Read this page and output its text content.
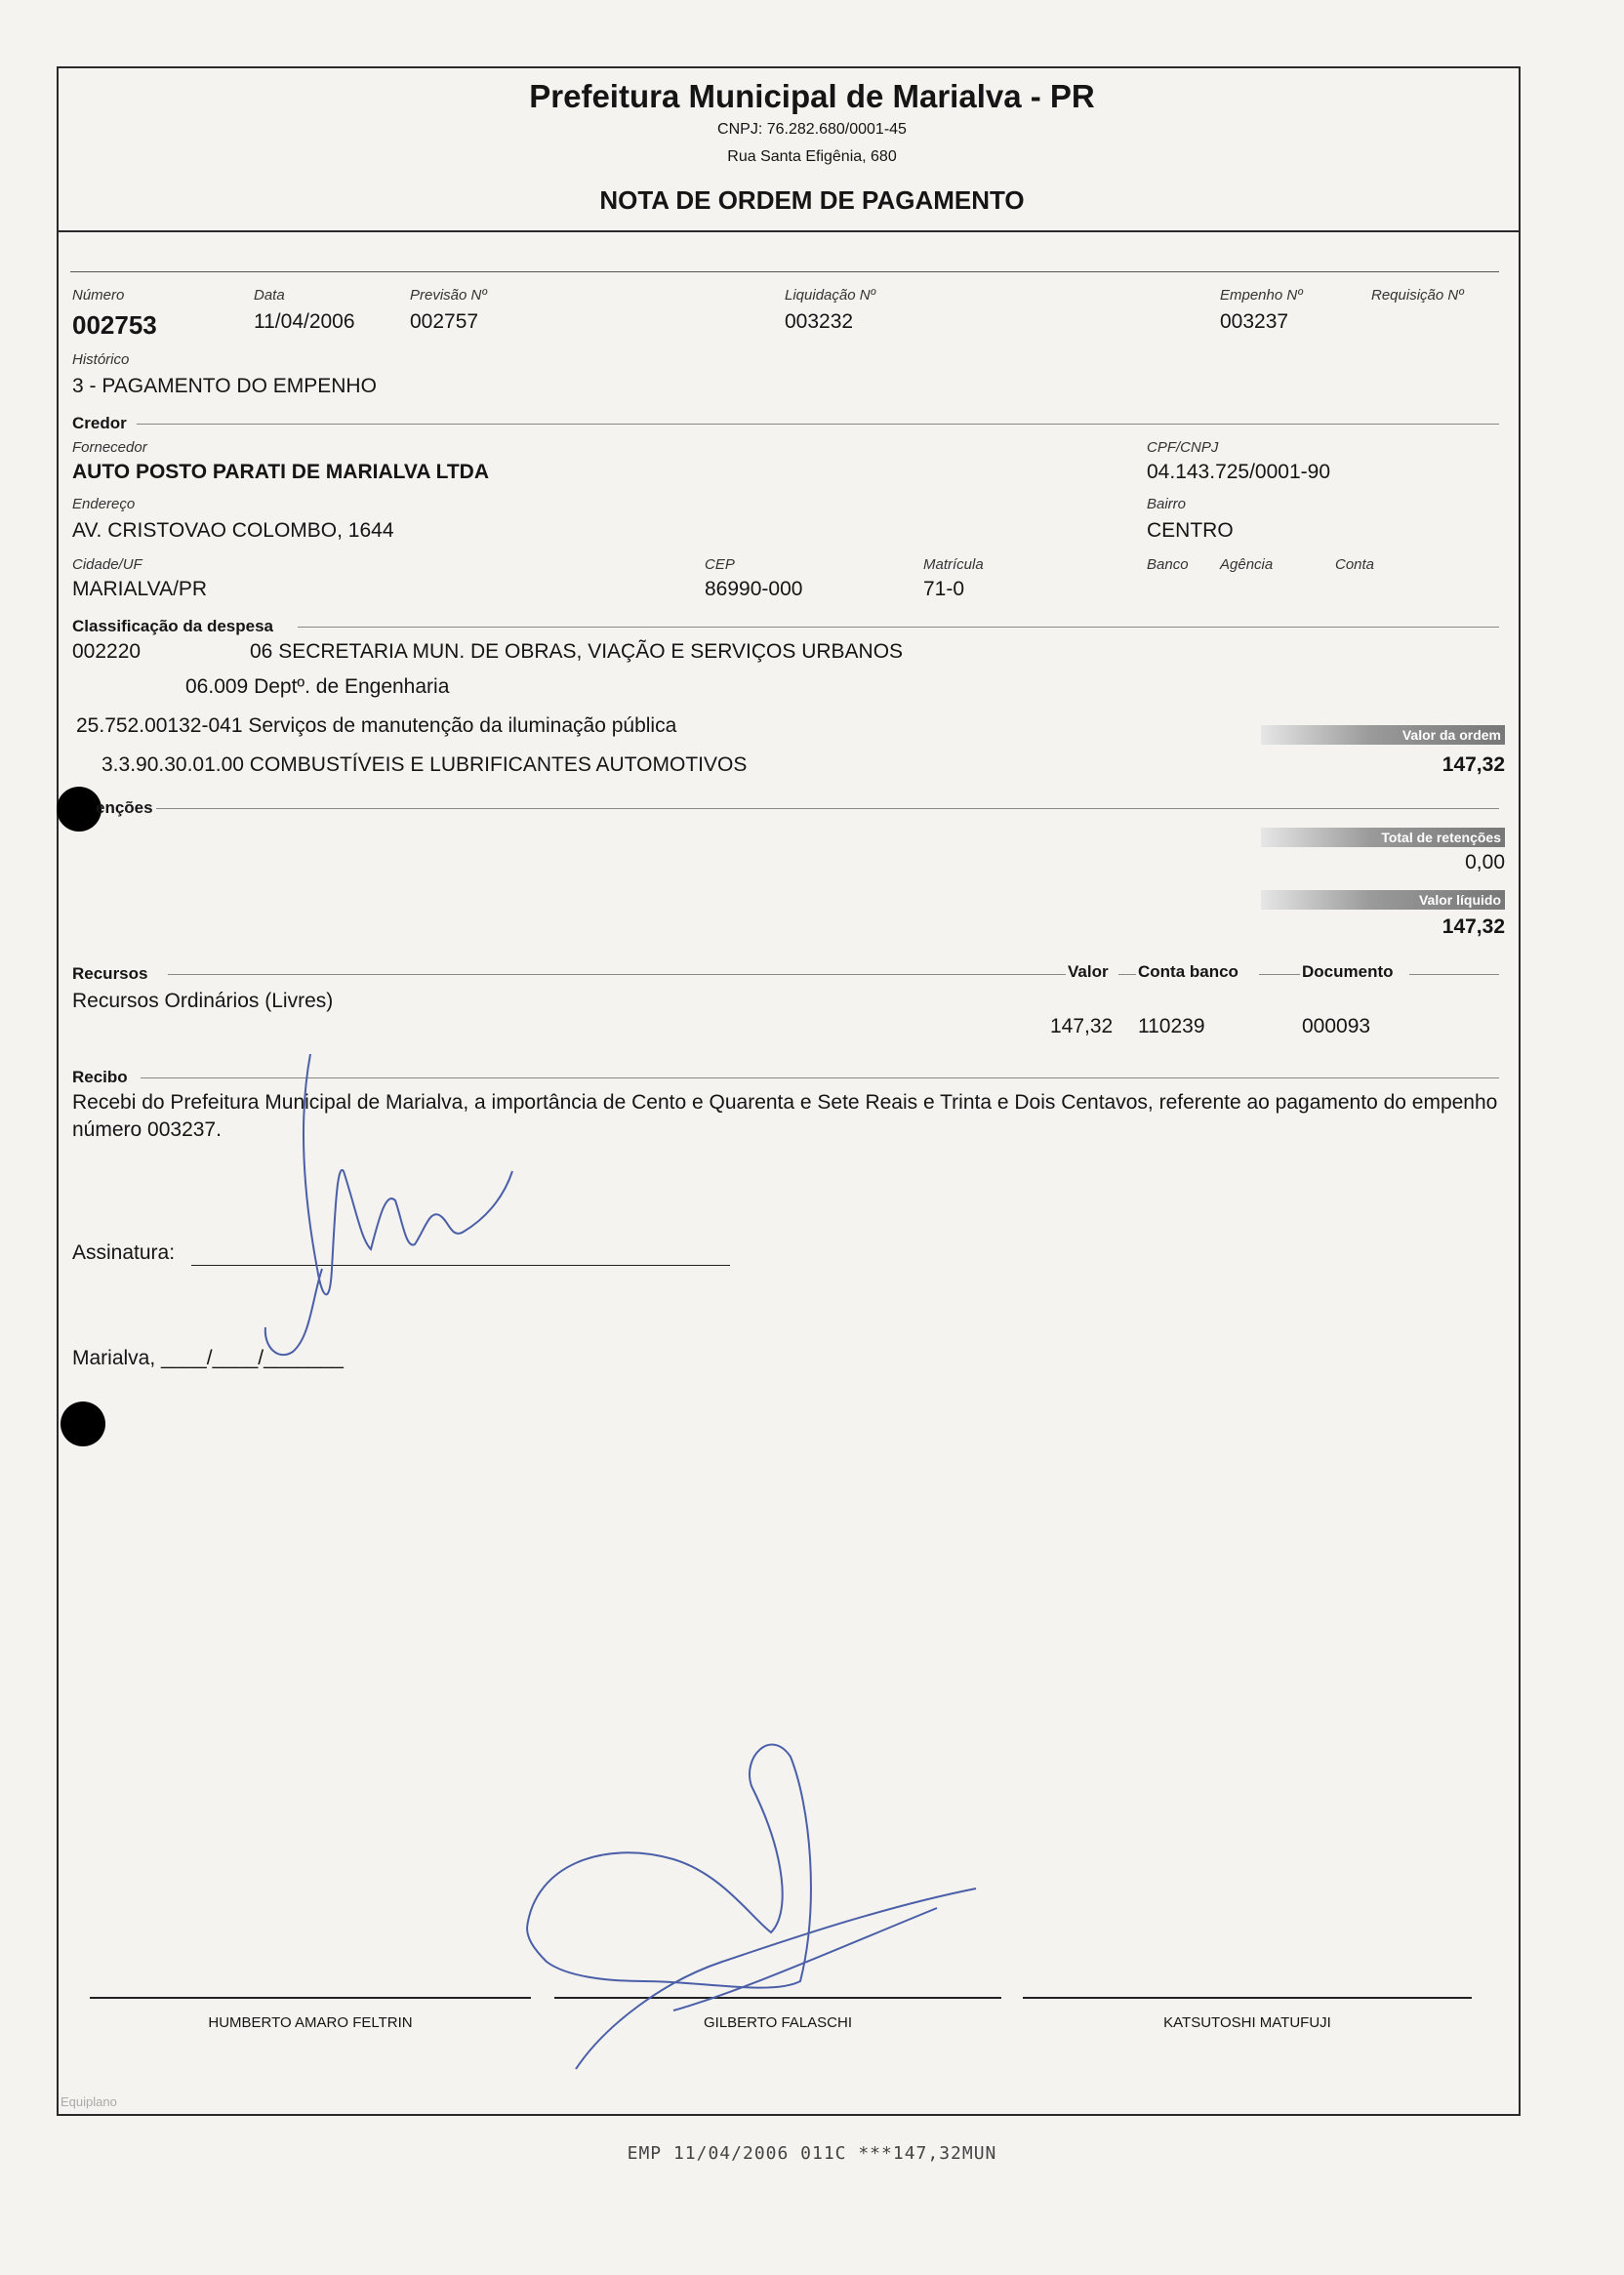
Prefeitura Municipal de Marialva - PR
CNPJ: 76.282.680/0001-45
Rua Santa Efigênia, 680
NOTA DE ORDEM DE PAGAMENTO
Número
002753
Data
11/04/2006
Previsão Nº
002757
Liquidação Nº
003232
Empenho Nº
003237
Requisição Nº
Histórico
3 - PAGAMENTO DO EMPENHO
Credor
Fornecedor
AUTO POSTO PARATI DE MARIALVA LTDA
CPF/CNPJ
04.143.725/0001-90
Endereço
AV. CRISTOVAO COLOMBO, 1644
Bairro
CENTRO
Cidade/UF
MARIALVA/PR
CEP
86990-000
Matrícula
71-0
Banco Agência	Conta
Classificação da despesa
002220	06 SECRETARIA MUN. DE OBRAS, VIAÇÃO E SERVIÇOS URBANOS
06.009 Deptº. de Engenharia
25.752.00132-041 Serviços de manutenção da iluminação pública	Valor da ordem
3.3.90.30.01.00 COMBUSTÍVEIS E LUBRIFICANTES AUTOMOTIVOS	147,32
enções
Total de retenções
0,00
Valor líquido
147,32
Recursos	Valor Conta banco	Documento
Recursos Ordinários (Livres)
147,32 110239	000093
Recibo
Recebi do Prefeitura Municipal de Marialva, a importância de Cento e Quarenta e Sete Reais e Trinta e Dois Centavos, referente ao pagamento do empenho número 003237.
Assinatura:
Marialva, ____/____/_______
HUMBERTO AMARO FELTRIN	GILBERTO FALASCHI	KATSUTOSHI MATUFUJI
Equiplano
EMP 11/04/2006 011C ***147,32MUN
